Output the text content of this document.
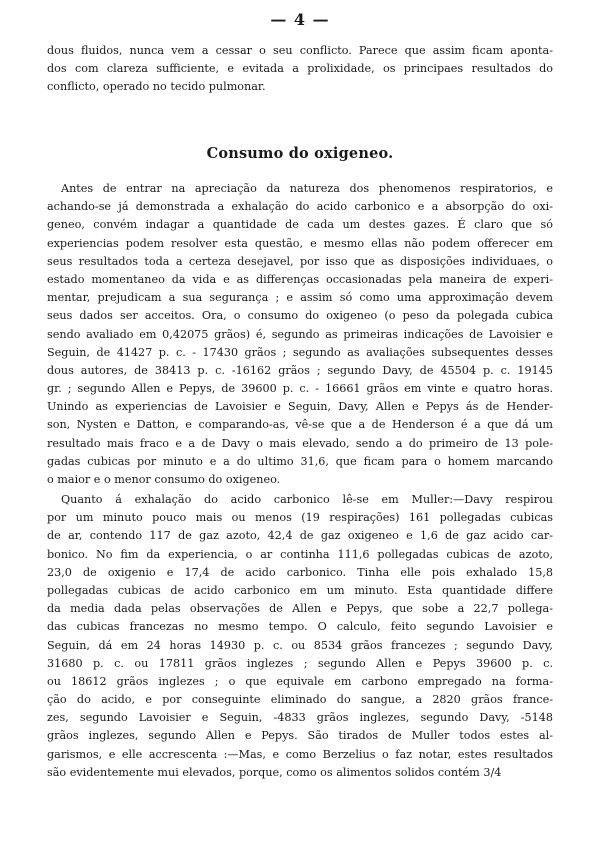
— 4 —
dous fluidos, nunca vem a cessar o seu conflicto. Parece que assim ficam apontа-
dos com clareza sufficiente, e evitada a prolixidade, os principaes resultados do
conflicto, operado no tecido pulmonar.
Consumo do oxigeneo.
Antes de entrar na apreciação da natureza dos phenomenos respiratorios, e
achando-se já demonstrada a exhalação do acido carbonico e a absorpção do oxi-
geneo, convém indagar a quantidade de cada um destes gazes. É claro que só
experiencias podem resolver esta questão, e mesmo ellas não podem offerecer em
seus resultados toda a certeza desejavel, por isso que as disposições individuaes, o
estado momentaneo da vida e as differenças occasionadas pela maneira de experi-
mentar, prejudicam a sua segurança ; e assim só como uma approximação devem
seus dados ser acceitos. Ora, o consumo do oxigeneo (o peso da polegada cubica
sendo avaliado em 0,42075 grãos) é, segundo as primeiras indicações de Lavoisier e
Seguin, de 41427 p. c. - 17430 grãos ; segundo as avaliações subsequentes desses
dous autores, de 38413 p. c. -16162 grãos ; segundo Davy, de 45504 p. c. 19145
gr. ; segundo Allen e Pepys, de 39600 p. c. - 16661 grãos em vinte e quatro horas.
Unindo as experiencias de Lavoisier e Seguin, Davy, Allen e Pepys ás de Hender-
son, Nysten e Datton, e comparando-as, vê-se que a de Henderson é a que dá um
resultado mais fraco e a de Davy o mais elevado, sendo a do primeiro de 13 pole-
gadas cubicas por minuto e a do ultimo 31,6, que ficam para o homem marcando
o maior e o menor consumo do oxigeneo.
Quanto á exhalação do acido carbonico lê-se em Muller:—Davy respirou
por um minuto pouco mais ou menos (19 respirações) 161 pollegadas cubicas
de ar, contendo 117 de gaz azoto, 42,4 de gaz oxigeneo e 1,6 de gaz acido car-
bonico. No fim da experiencia, o ar continha 111,6 pollegadas cubicas de azoto,
23,0 de oxigenio e 17,4 de acido carbonico. Tinha elle pois exhalado 15,8
pollegadas cubicas de acido carbonico em um minuto. Esta quantidade differe
da media dada pelas observações de Allen e Pepys, que sobe a 22,7 pollega-
das cubicas francezas no mesmo tempo. O calculo, feito segundo Lavoisier e
Seguin, dá em 24 horas 14930 p. c. ou 8534 grãos francezes ; segundo Davy,
31680 p. c. ou 17811 grãos inglezes ; segundo Allen e Pepys 39600 p. c.
ou 18612 grãos inglezes ; o que equivale em carbono empregado na forma-
ção do acido, e por conseguinte eliminado do sangue, a 2820 grãos france-
zes, segundo Lavoisier e Seguin, -4833 grãos inglezes, segundo Davy, -5148
grãos inglezes, segundo Allen e Pepys. São tirados de Muller todos estes al-
garismos, e elle accrescenta :—Mas, e como Berzelius o faz notar, estes resultados
são evidentemente mui elevados, porque, como os alimentos solidos contém 3/4
